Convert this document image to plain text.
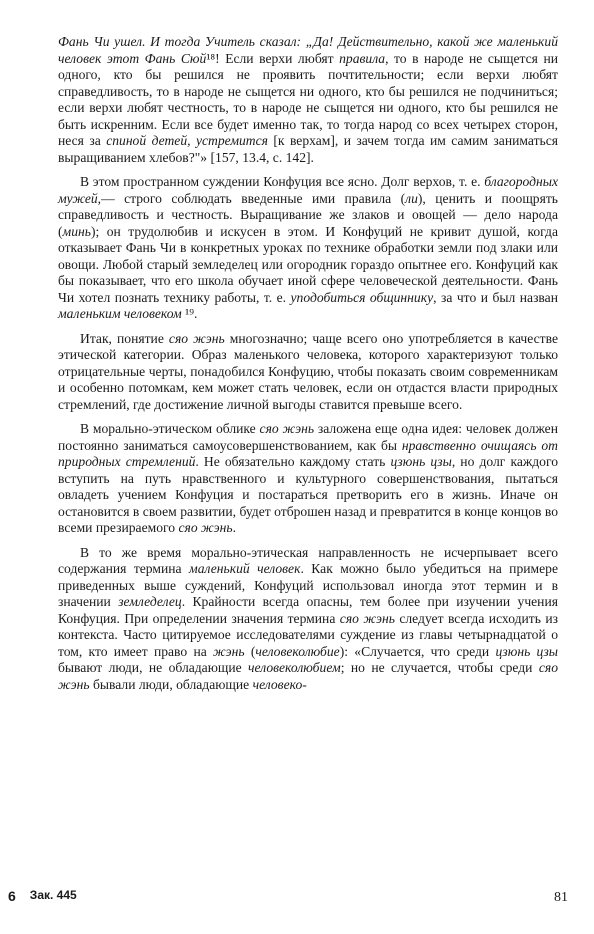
Фань Чи ушел. И тогда Учитель сказал: „Да! Действительно, какой же маленький человек этот Фань Сюй¹⁸! Если верхи любят правила, то в народе не сыщется ни одного, кто бы решился не проявить почтительности; если верхи любят справедливость, то в народе не сыщется ни одного, кто бы решился не подчиниться; если верхи любят честность, то в народе не сыщется ни одного, кто бы решился не быть искренним. Если все будет именно так, то тогда народ со всех четырех сторон, неся за спиной детей, устремится [к верхам], и зачем тогда им самим заниматься выращиванием хлебов?"» [157, 13.4, с. 142].

В этом пространном суждении Конфуция все ясно. Долг верхов, т. е. благородных мужей,— строго соблюдать введенные ими правила (ли), ценить и поощрять справедливость и честность. Выращивание же злаков и овощей — дело народа (минь); он трудолюбив и искусен в этом. И Конфуций не кривит душой, когда отказывает Фань Чи в конкретных уроках по технике обработки земли под злаки или овощи. Любой старый земледелец или огородник гораздо опытнее его. Конфуций как бы показывает, что его школа обучает иной сфере человеческой деятельности. Фань Чи хотел познать технику работы, т. е. уподобиться общиннику, за что и был назван маленьким человеком ¹⁹.

Итак, понятие сяо жэнь многозначно; чаще всего оно употребляется в качестве этической категории. Образ маленького человека, которого характеризуют только отрицательные черты, понадобился Конфуцию, чтобы показать своим современникам и особенно потомкам, кем может стать человек, если он отдастся власти природных стремлений, где достижение личной выгоды ставится превыше всего.

В морально-этическом облике сяо жэнь заложена еще одна идея: человек должен постоянно заниматься самоусовершенствованием, как бы нравственно очищаясь от природных стремлений. Не обязательно каждому стать цзюнь цзы, но долг каждого вступить на путь нравственного и культурного совершенствования, пытаться овладеть учением Конфуция и постараться претворить его в жизнь. Иначе он остановится в своем развитии, будет отброшен назад и превратится в конце концов во всеми презираемого сяо жэнь.

В то же время морально-этическая направленность не исчерпывает всего содержания термина маленький человек. Как можно было убедиться на примере приведенных выше суждений, Конфуций использовал иногда этот термин и в значении земледелец. Крайности всегда опасны, тем более при изучении учения Конфуция. При определении значения термина сяо жэнь следует всегда исходить из контекста. Часто цитируемое исследователями суждение из главы четырнадцатой о том, кто имеет право на жэнь (человеколюбие): «Случается, что среди цзюнь цзы бывают люди, не обладающие человеколюбием; но не случается, чтобы среди сяо жэнь бывали люди, обладающие человеко-

6 Зак. 445	81
